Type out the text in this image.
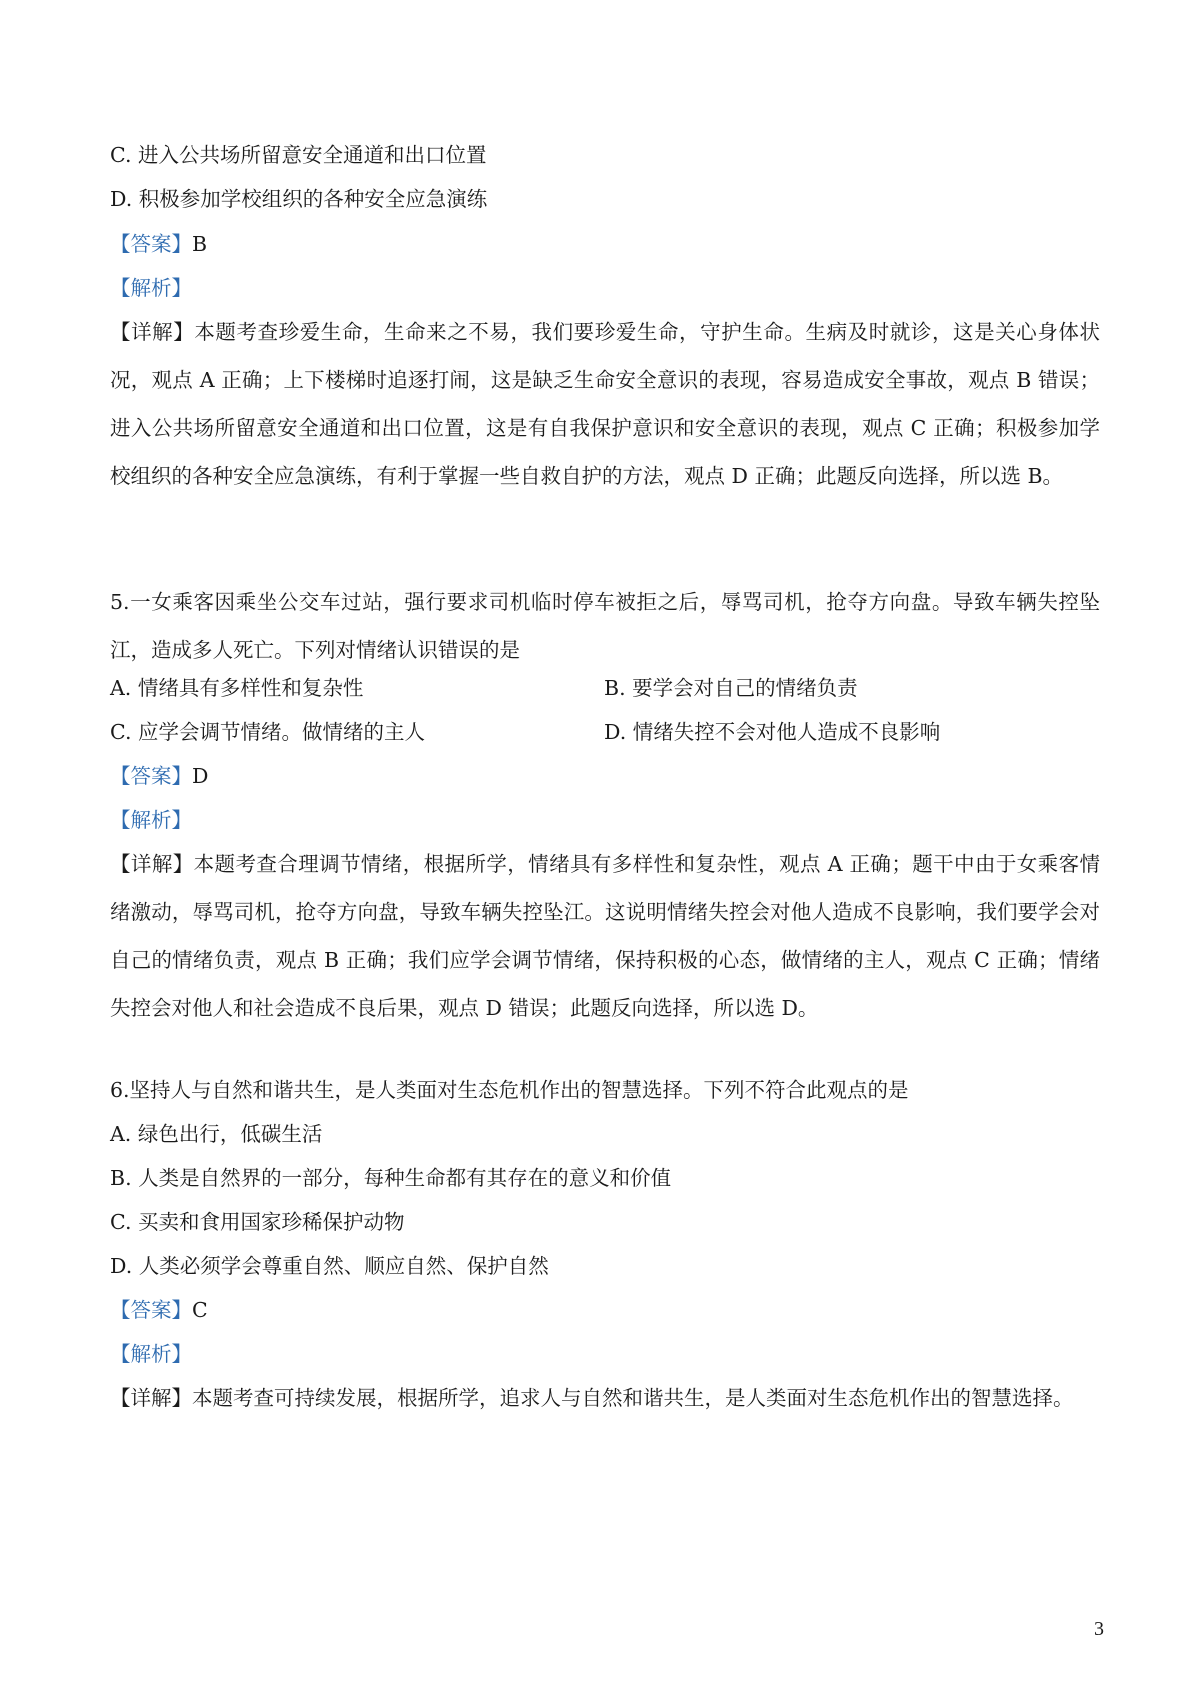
C. 进入公共场所留意安全通道和出口位置
D. 积极参加学校组织的各种安全应急演练
【答案】B
【解析】
【详解】本题考查珍爱生命，生命来之不易，我们要珍爱生命，守护生命。生病及时就诊，这是关心身体状况，观点 A 正确；上下楼梯时追逐打闹，这是缺乏生命安全意识的表现，容易造成安全事故，观点 B 错误；进入公共场所留意安全通道和出口位置，这是有自我保护意识和安全意识的表现，观点 C 正确；积极参加学校组织的各种安全应急演练，有利于掌握一些自救自护的方法，观点 D 正确；此题反向选择，所以选 B。
5.一女乘客因乘坐公交车过站，强行要求司机临时停车被拒之后，辱骂司机，抢夺方向盘。导致车辆失控坠江，造成多人死亡。下列对情绪认识错误的是
A. 情绪具有多样性和复杂性	B. 要学会对自己的情绪负责
C. 应学会调节情绪。做情绪的主人	D. 情绪失控不会对他人造成不良影响
【答案】D
【解析】
【详解】本题考查合理调节情绪，根据所学，情绪具有多样性和复杂性，观点 A 正确；题干中由于女乘客情绪激动，辱骂司机，抢夺方向盘，导致车辆失控坠江。这说明情绪失控会对他人造成不良影响，我们要学会对自己的情绪负责，观点 B 正确；我们应学会调节情绪，保持积极的心态，做情绪的主人，观点 C 正确；情绪失控会对他人和社会造成不良后果，观点 D 错误；此题反向选择，所以选 D。
6.坚持人与自然和谐共生，是人类面对生态危机作出的智慧选择。下列不符合此观点的是
A. 绿色出行，低碳生活
B. 人类是自然界的一部分，每种生命都有其存在的意义和价值
C. 买卖和食用国家珍稀保护动物
D. 人类必须学会尊重自然、顺应自然、保护自然
【答案】C
【解析】
【详解】本题考查可持续发展，根据所学，追求人与自然和谐共生，是人类面对生态危机作出的智慧选择。
3
